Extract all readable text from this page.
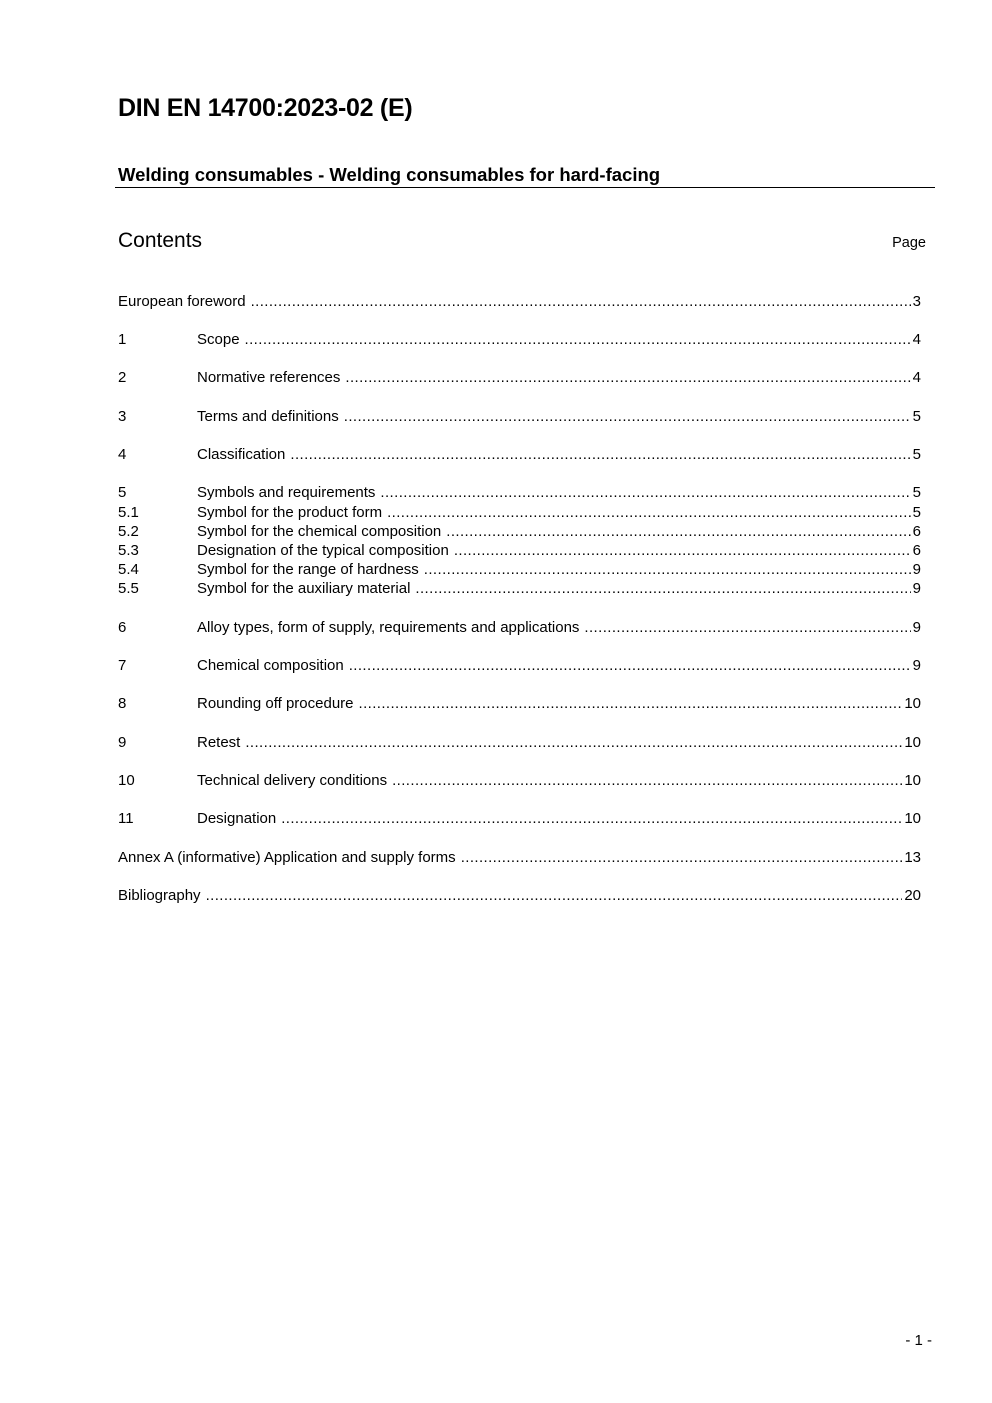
DIN EN 14700:2023-02 (E)
Welding consumables - Welding consumables for hard-facing
Contents	Page
European foreword .....	3
1	Scope .....	4
2	Normative references .....	4
3	Terms and definitions .....	5
4	Classification .....	5
5	Symbols and requirements .....	5
5.1	Symbol for the product form .....	5
5.2	Symbol for the chemical composition .....	6
5.3	Designation of the typical composition .....	6
5.4	Symbol for the range of hardness .....	9
5.5	Symbol for the auxiliary material .....	9
6	Alloy types, form of supply, requirements and applications .....	9
7	Chemical composition .....	9
8	Rounding off procedure .....	10
9	Retest .....	10
10	Technical delivery conditions .....	10
11	Designation .....	10
Annex A (informative) Application and supply forms .....	13
Bibliography .....	20
- 1 -
